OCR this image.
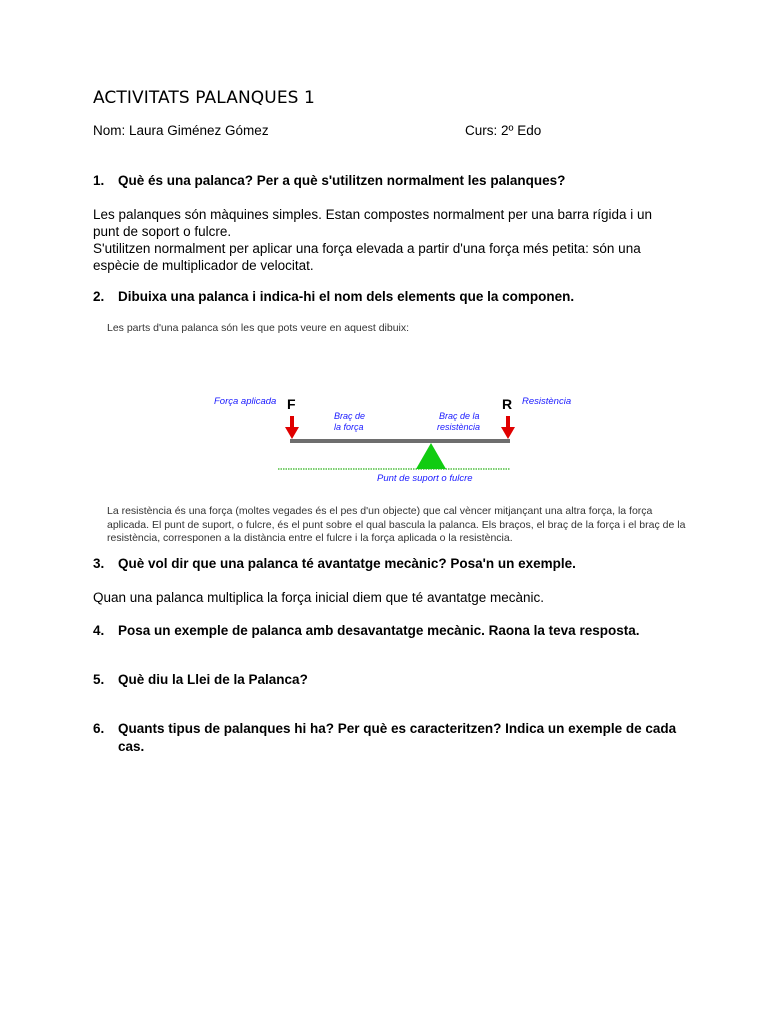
ACTIVITATS PALANQUES 1
Nom: Laura Giménez Gómez	Curs: 2º Edo
1. Què és una palanca? Per a què s'utilitzen normalment les palanques?

Les palanques són màquines simples. Estan compostes normalment per una barra rígida i un punt de soport o fulcre.

S'utilitzen normalment per aplicar una força elevada a partir d'una força més petita: són una espècie de multiplicador de velocitat.

2. Dibuixa una palanca i indica-hi el nom dels elements que la componen.
Les parts d'una palanca són les que pots veure en aquest dibuix:
Força aplicada F	R Resistència
Braç de
la força
Braç de la
resistència
Punt de suport o fulcre
La resistència és una força (moltes vegades és el pes d'un objecte) que cal vèncer mitjançant una altra força, la força aplicada. El punt de suport, o fulcre, és el punt sobre el qual bascula la palanca. Els braços, el braç de la força i el braç de la resistència, corresponen a la distància entre el fulcre i la força aplicada o la resistència.
3. Què vol dir que una palanca té avantatge mecànic? Posa'n un exemple.

Quan una palanca multiplica la força inicial diem que té avantatge mecànic.

4. Posa un exemple de palanca amb desavantatge mecànic. Raona la teva resposta.
5. Què diu la Llei de la Palanca?
6. Quants tipus de palanques hi ha? Per què es caracteritzen? Indica un exemple de cada cas.
